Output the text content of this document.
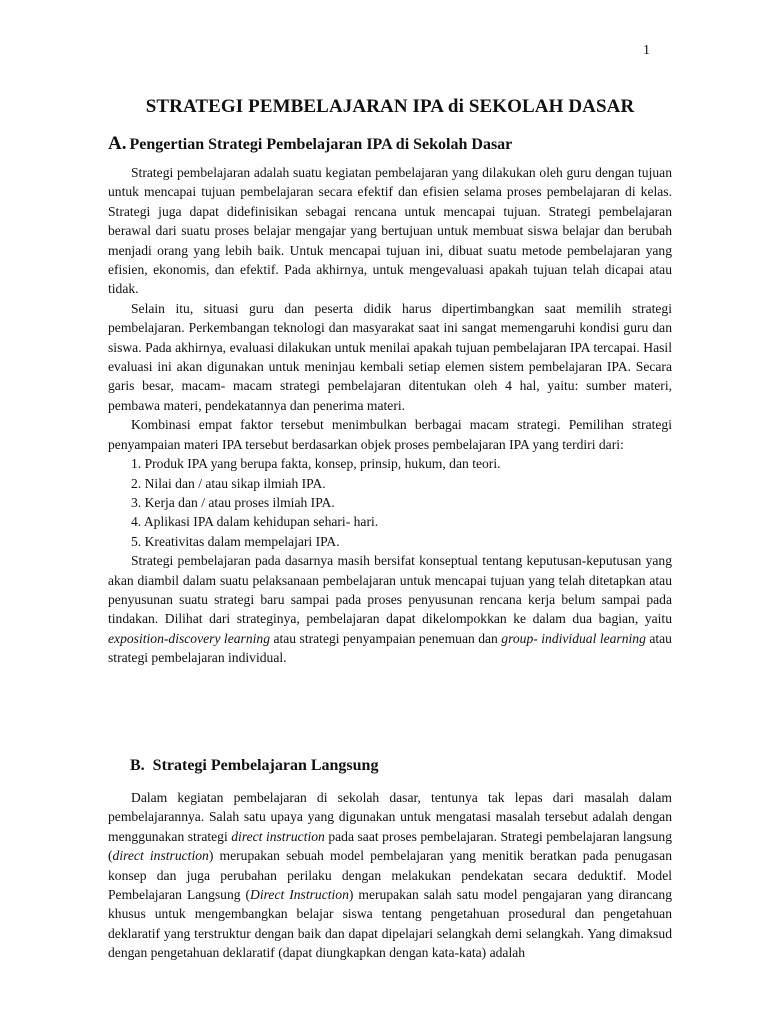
1
STRATEGI PEMBELAJARAN IPA di SEKOLAH DASAR
A. Pengertian Strategi Pembelajaran IPA di Sekolah Dasar

Strategi pembelajaran adalah suatu kegiatan pembelajaran yang dilakukan oleh guru dengan tujuan untuk mencapai tujuan pembelajaran secara efektif dan efisien selama proses pembelajaran di kelas. Strategi juga dapat didefinisikan sebagai rencana untuk mencapai tujuan. Strategi pembelajaran berawal dari suatu proses belajar mengajar yang bertujuan untuk membuat siswa belajar dan berubah menjadi orang yang lebih baik. Untuk mencapai tujuan ini, dibuat suatu metode pembelajaran yang efisien, ekonomis, dan efektif. Pada akhirnya, untuk mengevaluasi apakah tujuan telah dicapai atau tidak.

Selain itu, situasi guru dan peserta didik harus dipertimbangkan saat memilih strategi pembelajaran. Perkembangan teknologi dan masyarakat saat ini sangat memengaruhi kondisi guru dan siswa. Pada akhirnya, evaluasi dilakukan untuk menilai apakah tujuan pembelajaran IPA tercapai. Hasil evaluasi ini akan digunakan untuk meninjau kembali setiap elemen sistem pembelajaran IPA. Secara garis besar, macam- macam strategi pembelajaran ditentukan oleh 4 hal, yaitu: sumber materi, pembawa materi, pendekatannya dan penerima materi.

Kombinasi empat faktor tersebut menimbulkan berbagai macam strategi. Pemilihan strategi penyampaian materi IPA tersebut berdasarkan objek proses pembelajaran IPA yang terdiri dari:

1. Produk IPA yang berupa fakta, konsep, prinsip, hukum, dan teori.
2. Nilai dan / atau sikap ilmiah IPA.
3. Kerja dan / atau proses ilmiah IPA.
4. Aplikasi IPA dalam kehidupan sehari- hari.
5. Kreativitas dalam mempelajari IPA.

Strategi pembelajaran pada dasarnya masih bersifat konseptual tentang keputusan-keputusan yang akan diambil dalam suatu pelaksanaan pembelajaran untuk mencapai tujuan yang telah ditetapkan atau penyusunan suatu strategi baru sampai pada proses penyusunan rencana kerja belum sampai pada tindakan. Dilihat dari strateginya, pembelajaran dapat dikelompokkan ke dalam dua bagian, yaitu exposition-discovery learning atau strategi penyampaian penemuan dan group- individual learning atau strategi pembelajaran individual.

B. Strategi Pembelajaran Langsung

Dalam kegiatan pembelajaran di sekolah dasar, tentunya tak lepas dari masalah dalam pembelajarannya. Salah satu upaya yang digunakan untuk mengatasi masalah tersebut adalah dengan menggunakan strategi direct instruction pada saat proses pembelajaran. Strategi pembelajaran langsung (direct instruction) merupakan sebuah model pembelajaran yang menitik beratkan pada penugasan konsep dan juga perubahan perilaku dengan melakukan pendekatan secara deduktif. Model Pembelajaran Langsung (Direct Instruction) merupakan salah satu model pengajaran yang dirancang khusus untuk mengembangkan belajar siswa tentang pengetahuan prosedural dan pengetahuan deklaratif yang terstruktur dengan baik dan dapat dipelajari selangkah demi selangkah. Yang dimaksud dengan pengetahuan deklaratif (dapat diungkapkan dengan kata-kata) adalah
